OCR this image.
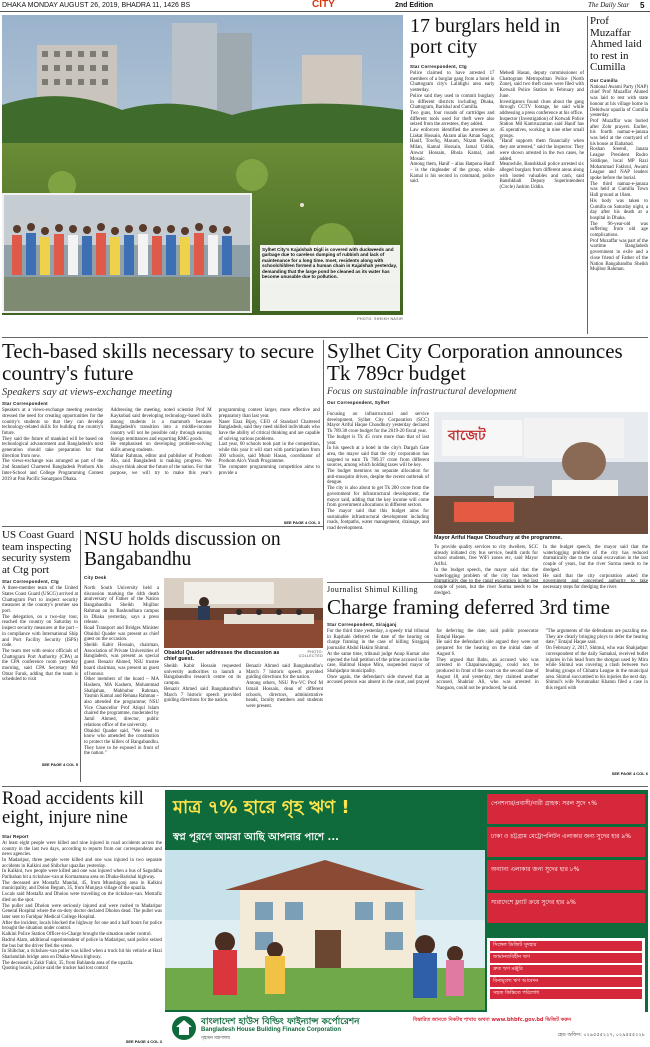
DHAKA MONDAY AUGUST 26, 2019, BHADRA 11, 1426 BS	CITY	2nd Edition	The Daily Star 5
Sylhet City's Kajalshah Digli is covered with duckweeds and garbage due to careless dumping of rubbish and lack of maintenance for a long time. Inset, residents along with schoolchildren formed a human chain in Kajalshah yesterday, demanding that the large pond be cleaned as its water has become unusable due to pollution.
PHOTO: SHEIKH NASIR
17 burglars held in port city
Star Correspondent, Ctg

Police claimed to have arrested 17 members of a burglar gang from a hotel in Chattogram city's Lalidighi area early yesterday.

Police said they used to commit burglary in different districts including Dhaka, Chattogram, Barishal and Cumilla.

Two guns, four rounds of cartridges and different tools used for theft were also seized from the arrestees, they added.

Law enforcers identified the arrestees as Liakat Hossain, Akram alias Aman Sagor, Hanif, Towfiq, Masum, Nizam Sheikh, Milan, Kamal Hossain, Jamal Uddin, Anwar Hossain, Bhola Kamal, and Mosaic.

Among them, Hanif – alias Hatpona Hanif – is the ringleader of the group, while Kamal is his second in command, police said.

Mehedi Hasan, deputy commissioner of Chattogram Metropolitan Police (North Zone), said two theft cases were filed with Kotwali Police Station in February and June.

Investigators found clues about the gang through CCTV footage, he said while addressing a press conference at his office.

Inspector (Investigation) of Kotwali Police Station Md Kamruzzaman said Hanif has 45 operatives, working in nine other small groups.

"Hanif supports them financially when they are arrested," said the inspector. They were shown arrested in the two cases, he added.

Meanwhile, Banshkhali police arrested six alleged burglars from different areas along with looted valuables and cash, said Banshkhali Deputy Superintendent (Circle) Jashim Uddin.

Prof Muzaffar Ahmed laid to rest in Cumilla
Our Cumilla

National Awami Party (NAP) chief Prof Muzaffar Ahmed was laid to rest with state honour at his village home in Debidwar upazila of Cumilla yesterday.

Prof Muzaffar was buried after Zohr prayers. Earlier, his fourth namaz-e-janaza was held at the courtyard of his house at Elahabad.

Roshan Sreenil, Janata League President Rudro Siddique, local MP Razi Mohammad Fakhrul, Awami League and NAP leaders spoke before the burial.

The third namaz-e-janaza was held at Cumilla Town Hall ground at 10am.

His body was taken to Cumilla on Saturday night, a day after his death at a hospital in Dhaka.

The 96-year-old was suffering from old age complications.

Prof Muzaffar was part of the wartime Bangladesh government in exile and a close friend of Father of the Nation Bangabandhu Sheikh Mujibur Rahman.

Tech-based skills necessary to secure country's future
Speakers say at views-exchange meeting
Star Correspondent

Speakers at a views-exchange meeting yesterday stressed the need for creating opportunities for the country's students so that they can develop technology-related skills for building the country's future.

They said the future of mankind will be based on technological advancement and Bangladesh's next generation should take preparation for that direction from now.

The views-exchange was arranged as part of the 2nd Standard Chartered Bangladesh Prothom Alo Inter-School and College Programming Contest 2019 at Pan Pacific Sonargaon Dhaka.

Addressing the meeting, noted scientist Prof M Kaykobad said developing technology-based skills among students is a mammoth because Bangladesh's transition into a middle-income country will not be possible only through earning foreign remittances and exporting RMG goods.

He emphasised on developing problem-solving skills among students.

Matiur Rahman, editor and publisher of Prothom Alo, said Bangladesh is making progress. We always think about the future of the nation. For that purpose, we will try to make this year's programming contest larger, more effective and preparatory than last year.

Naser Ezaz Bijoy, CEO of Standard Chartered Bangladesh, said they need skilled individuals who have the ability of critical thinking and are capable of solving various problems.

Last year, 60 schools took part in the competition, while this year it will start with participation from 300 schools, said Munir Hasan, coordinator of Prothom Alo's Youth Programme.

The computer programming competition aims to provide a

SEE PAGE 4 COL 3
Sylhet City Corporation announces Tk 789cr budget
Focus on sustainable infrastructural development
Our Correspondent, Sylhet

Focusing on infrastructural and service development, Sylhet City Corporation (SCC) Mayor Ariful Haque Choudhury yesterday declared Tk 789.38 crore budget for the 2019-20 fiscal year.

The budget is Tk 45 crore more than that of last year.

In his speech at a hotel in the city's Dargah Gate area, the mayor said that the city corporation has targeted to earn Tk 789.37 crore from different sources, among which holding taxes will be key.

The budget mentions no separate allocation for anti-mosquito drives, despite the recent outbreak of dengue.

The city is also about to get Tk 200 crore from the government for infrastructural development, the mayor said, adding that the key income will come from government allocations in different sectors.

The mayor said that this budget aims for sustainable infrastructural development including roads, footpaths, water management, drainage, and road development.

বাজেট
Mayor Ariful Haque Choudhury at the programme.

To provide quality services to city dwellers, SCC already initiated city bus service, health cards for school students, free WiFi zones etc, said Mayor Ariful.

In the budget speech, the mayor said that the waterlogging problem of the city has reduced couple of years, but the river Surma needs to be dredged.

In the budget speech, the mayor said that the waterlogging problem of the city has reduced dramatically due to the canal excavation in the last couple of years, but the river Surma needs to be dredged.

He said that the city corporation asked the necessary steps for dredging the river.

US Coast Guard team inspecting security system at Ctg port
Star Correspondent, Ctg

A three-member team of the United States Coast Guard (USCG) arrived at Chattogram Port to inspect security measures at the country's premier sea port.

The delegation, on a two-day tour, reached the country on Saturday to inspect security measures at the port – in compliance with International Ship and Port Facility Security (ISPS) code.

The team met with senior officials of Chattogram Port Authority (CPA) at the CPA conference room yesterday morning, said CPA Secretary Md Omar Faruk, adding that the team is scheduled to visit

SEE PAGE 4 COL 5
NSU holds discussion on Bangabandhu
City Desk

North South University held a discussion marking the 44th death anniversary of Father of the Nation Bangabandhu Sheikh Mujibur Rahman on its Bashundhara campus in Dhaka yesterday, says a press release.

Road Transport and Bridges Minister Obaidul Quader was present as chief guest on the occasion.

Sheikh Kabir Hossain, chairman, Association of Private Universities of Bangladesh, was present as special guest. Benazir Ahmed, NSU trustee board chairman, was present as guest of honour.

Other members of the board – MA Hashem, MA Kashem, Mohammad Shahjahan, Mahbubur Rahman, Yasmin Kamal and Rehana Rahman – also attended the programme; NSU Vice Chancellor Prof Atiqul Islam chaired the programme, moderated by Jamil Ahmed, director, public relations office of the university.

Obaidul Quader said, "We need to know who amended the constitution to protect the killers of Bangabandhu. They have to be exposed in front of the nation."

Obaidul Quader addresses the discussion as chief guest.
PHOTO: COLLECTED

Sheikh Kabir Hossain requested university authorities to launch a Bangabandhu research centre on its campus.

Benazir Ahmed said Bangabandhu's March 7 historic speech provided guiding directions for the nation.

Benazir Ahmed said Bangabandhu's March 7 historic speech provided guiding directions for the nation.

Among others, NSU Pro-VC Prof M Ismail Hossain, dean of different schools, directors, administrative heads, faculty members and students were present.

Journalist Shimul Killing
Charge framing deferred 3rd time
Star Correspondent, Sirajganj

For the third time yesterday, a speedy trial tribunal in Rajshahi deferred the date of the hearing on charge framing in the case of killing Sirajganj journalist Abdul Hakim Shimul.

At the same time, tribunal judge Anup Kumar also rejected the bail petition of the prime accused in the case, Halimul Haque Miru, suspended mayor of Shahjadpur municipality.

Once again, the defendant's side showed that an accused person was absent in the court, and prayed for deferring the date, said public prosecutor Entajul Haque.

He said the defendant's side argued they were not prepared for the hearing on the initial date of August 6.

They argued that Babu, an accused who was arrested in Chapainawabganj, could not be produced in front of the court on the second date of August 18, and yesterday, they claimed another accused, Shahriar Ali, who was arrested in Naogaon, could not be produced, he said.

"The arguments of the defendants are puzzling me. They are clearly bringing ploys to defer the hearing date," Entajul Haque said.

On February 2, 2017, Shimul, who was Shahjadpur correspondent of the daily Samakal, received bullet injuries in his head from the shotgun used by Miru while Shimul was covering a clash between two feuding groups of Chhatra League in the municipal area. Shimul succumbed to his injuries the next day.

Shimul's wife Nurunnahar Khatun filed a case in this regard with

SEE PAGE 4 COL 6
Road accidents kill eight, injure nine
Star Report

At least eight people were killed and nine injured in road accidents across the country in the last two days, according to reports from our correspondents and news agencies.

In Madaripur, three people were killed and one was injured in two separate accidents in Kalkini and Shibchar upazilas yesterday.

In Kalkini, two people were killed and one was injured when a bus of Saguddha Paribahan hit a rickshaw-van at Kormamana area on Dhaka-Barishal highway.

The deceased are Mostafiz Mandal, 45, from Munshigonj area in Kalkini municipality, and Dolon Begum, 35, from Munjaya village of the upazila.

Locals said Mostafiz and Dholon were travelling on the rickshaw-van. Mostafiz died on the spot.

The puller and Dholon were seriously injured and were rushed to Madaripur General Hospital where the on-duty doctor declared Dholon dead. The puller was later sent to Faridpur Medical College Hospital.

After the incident, locals blocked the highway for one and a half hours for police brought the situation under control.

Kalkini Police Station Officer-in-Charge brought the situation under control.

Badrul Alam, additional superintendent of police in Madaripur, said police seized the bus but the driver fled the scene.

In Shibchar, a rickshaw-van puller was killed when a truck hit his vehicle at Hazi Shariatullah bridge area on Dhaka-Mawa highway.

The deceased is Zakir Fakir, 35, from Bahlanda area of the upazila.

Quoting locals, police said the trucker had lost control

SEE PAGE 4 COL 3
মাত্র ৭% হারে গৃহ ঋণ !
স্বপ্ন পূরণে আমরা আছি আপনার পাশে ...
পেনশনার/প্রবাসী/নারী গ্রাহক: সরল সুদে ৭%
ঢাকা ও চট্টগ্রাম মেট্রোপলিটন এলাকার জন্য সুদের হার ৯%
অন্যান্য এলাকার জন্য সুদের হার ৮%
সারাদেশে ফ্ল্যাট ক্রয়ে সুদের হার ৯%
সিঙ্গেল ডিজিট সুদহার
জামানতবিহীন ঋণ
দ্রুত ঋণ মঞ্জুরি
বিনামূল্যে ঋণ আবেদন
সহজ কিস্তিতে পরিশোধ
বাংলাদেশ হাউস বিল্ডিং ফাইন্যান্স কর্পোরেশন
Bangladesh House Building Finance Corporation
গৃহায়ন মন্ত্রণালয়
বিস্তারিত জানতে নিকটস্থ শাখায় অথবা www.bhbfc.gov.bd ভিজিট করুন
হেড অফিস: ০২৯৫৫৫২২৭, ০২৯৫৫৫২২৮
